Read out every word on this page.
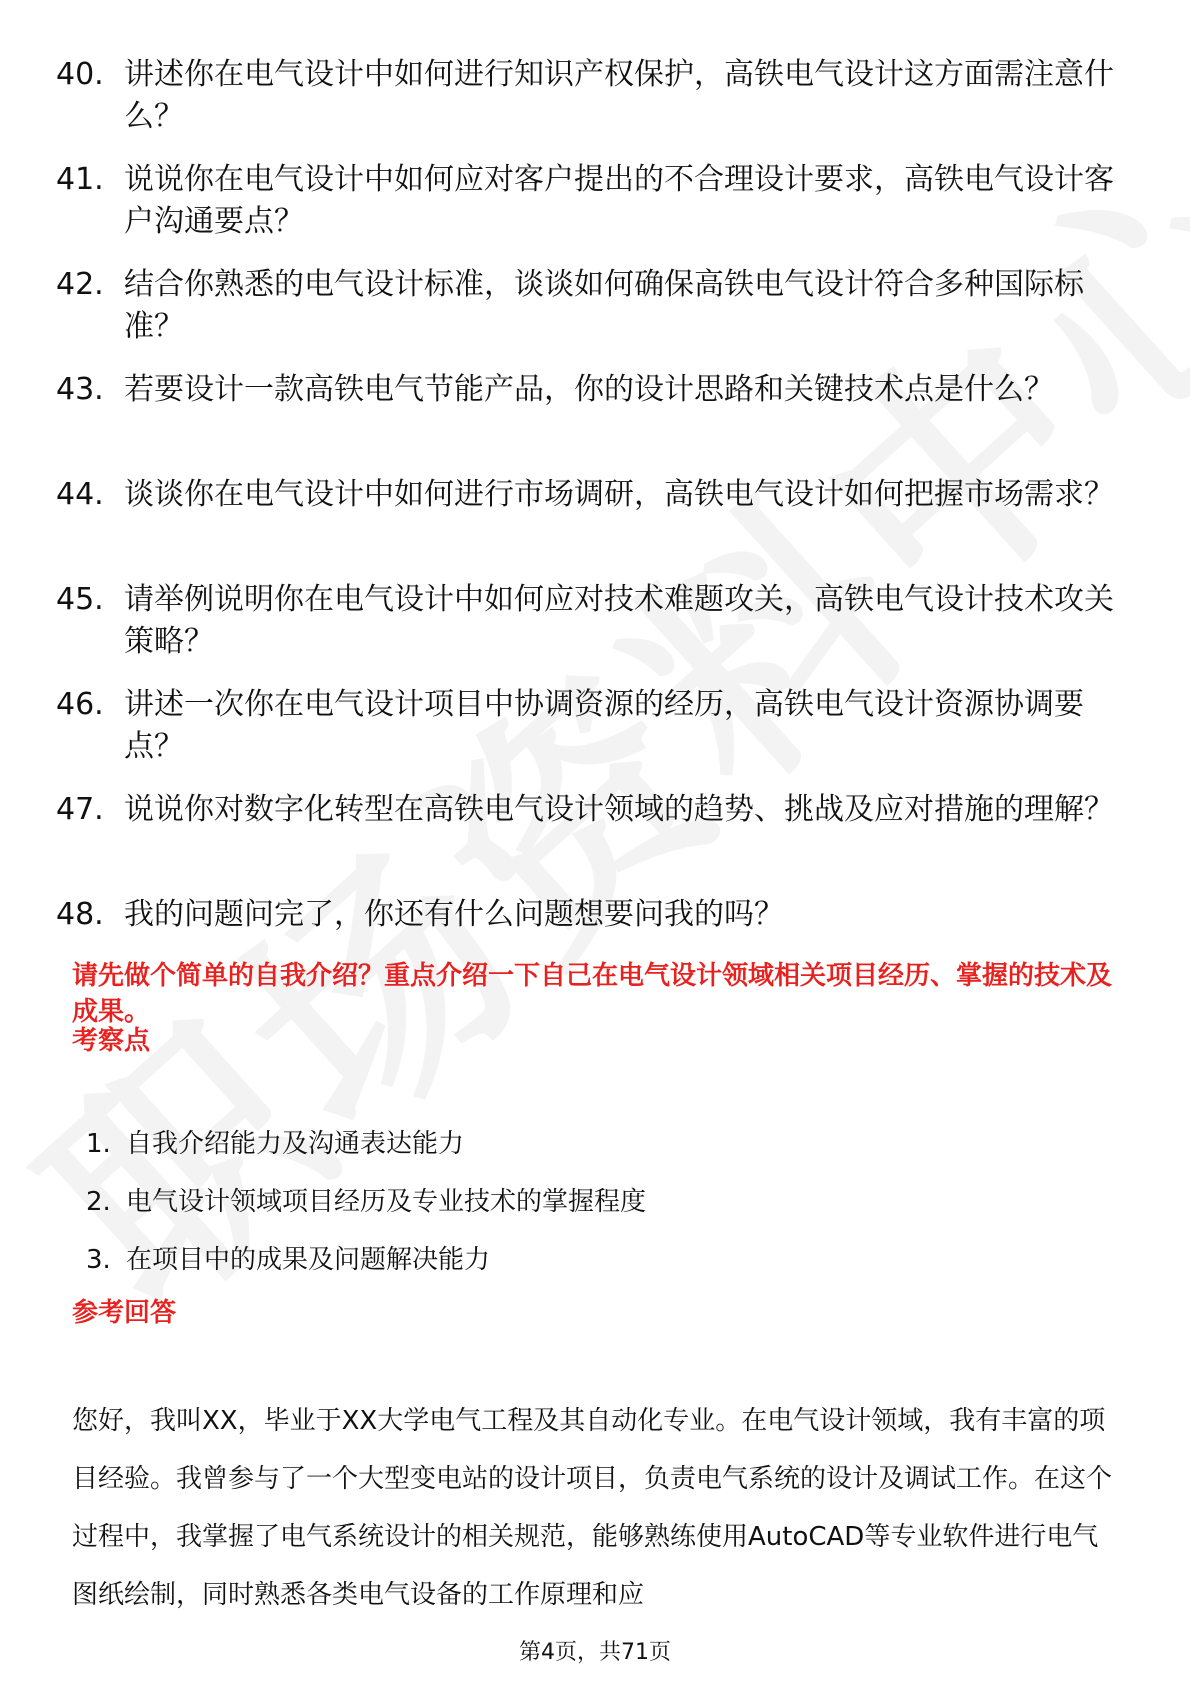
40. 讲述你在电气设计中如何进行知识产权保护，高铁电气设计这方面需注意什么？
41. 说说你在电气设计中如何应对客户提出的不合理设计要求，高铁电气设计客户沟通要点？
42. 结合你熟悉的电气设计标准，谈谈如何确保高铁电气设计符合多种国际标准？
43. 若要设计一款高铁电气节能产品，你的设计思路和关键技术点是什么？
44. 谈谈你在电气设计中如何进行市场调研，高铁电气设计如何把握市场需求？
45. 请举例说明你在电气设计中如何应对技术难题攻关，高铁电气设计技术攻关策略？
46. 讲述一次你在电气设计项目中协调资源的经历，高铁电气设计资源协调要点？
47. 说说你对数字化转型在高铁电气设计领域的趋势、挑战及应对措施的理解？
48. 我的问题问完了，你还有什么问题想要问我的吗？
请先做个简单的自我介绍？重点介绍一下自己在电气设计领域相关项目经历、掌握的技术及成果。
考察点
1. 自我介绍能力及沟通表达能力
2. 电气设计领域项目经历及专业技术的掌握程度
3. 在项目中的成果及问题解决能力
参考回答

您好，我叫XX，毕业于XX大学电气工程及其自动化专业。在电气设计领域，我有丰富的项目经验。我曾参与了一个大型变电站的设计项目，负责电气系统的设计及调试工作。在这个过程中，我掌握了电气系统设计的相关规范，能够熟练使用AutoCAD等专业软件进行电气图纸绘制，同时熟悉各类电气设备的工作原理和应

第4页，共71页
